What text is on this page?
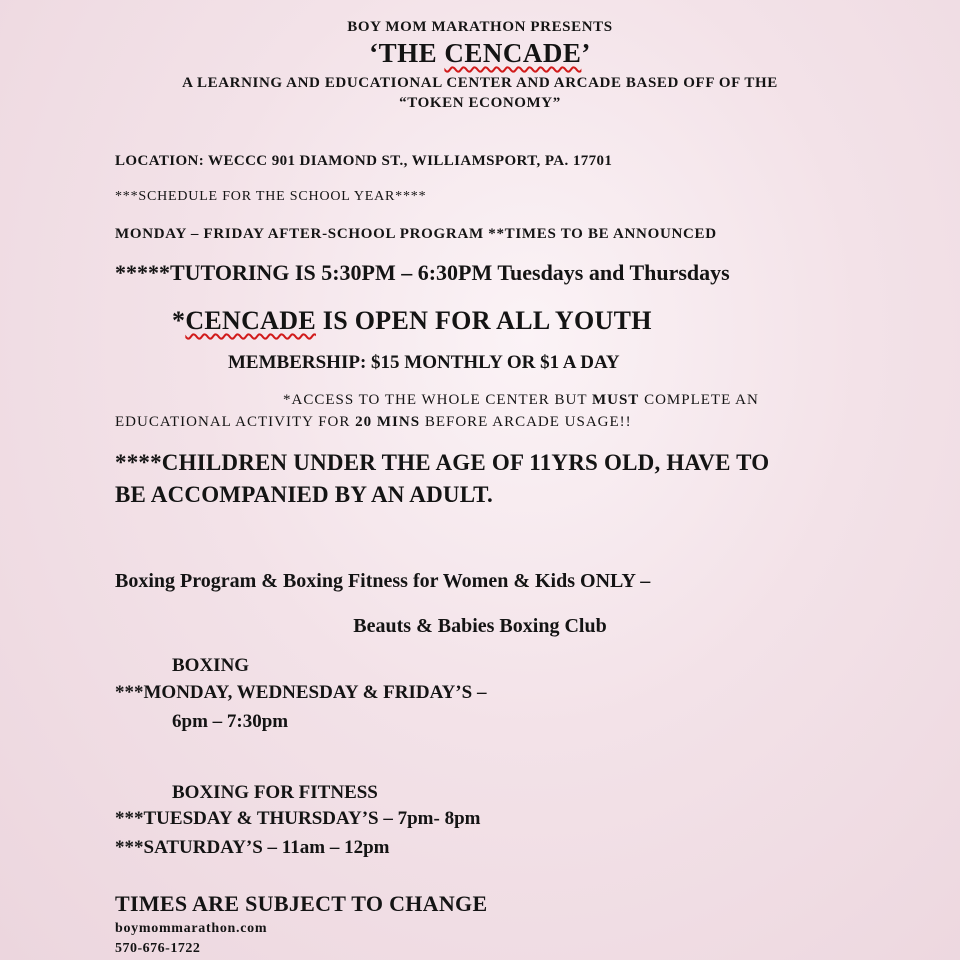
BOY MOM MARATHON PRESENTS
‘THE CENCADE’
A LEARNING AND EDUCATIONAL CENTER AND ARCADE BASED OFF OF THE
“TOKEN ECONOMY”
LOCATION: WECCC 901 DIAMOND ST., WILLIAMSPORT, PA. 17701
***SCHEDULE FOR THE SCHOOL YEAR****
MONDAY – FRIDAY AFTER-SCHOOL PROGRAM **TIMES TO BE ANNOUNCED
*****TUTORING IS 5:30PM – 6:30PM Tuesdays and Thursdays
*CENCADE IS OPEN FOR ALL YOUTH
MEMBERSHIP: $15 MONTHLY OR $1 A DAY
*ACCESS TO THE WHOLE CENTER BUT MUST COMPLETE AN
EDUCATIONAL ACTIVITY FOR 20 MINS BEFORE ARCADE USAGE!!
****CHILDREN UNDER THE AGE OF 11YRS OLD, HAVE TO
BE ACCOMPANIED BY AN ADULT.
Boxing Program & Boxing Fitness for Women & Kids ONLY –
Beauts & Babies Boxing Club
BOXING
***MONDAY, WEDNESDAY & FRIDAY’S –
6pm – 7:30pm
BOXING FOR FITNESS
***TUESDAY & THURSDAY’S – 7pm- 8pm
***SATURDAY’S – 11am – 12pm
TIMES ARE SUBJECT TO CHANGE
boymommarathon.com
570-676-1722
